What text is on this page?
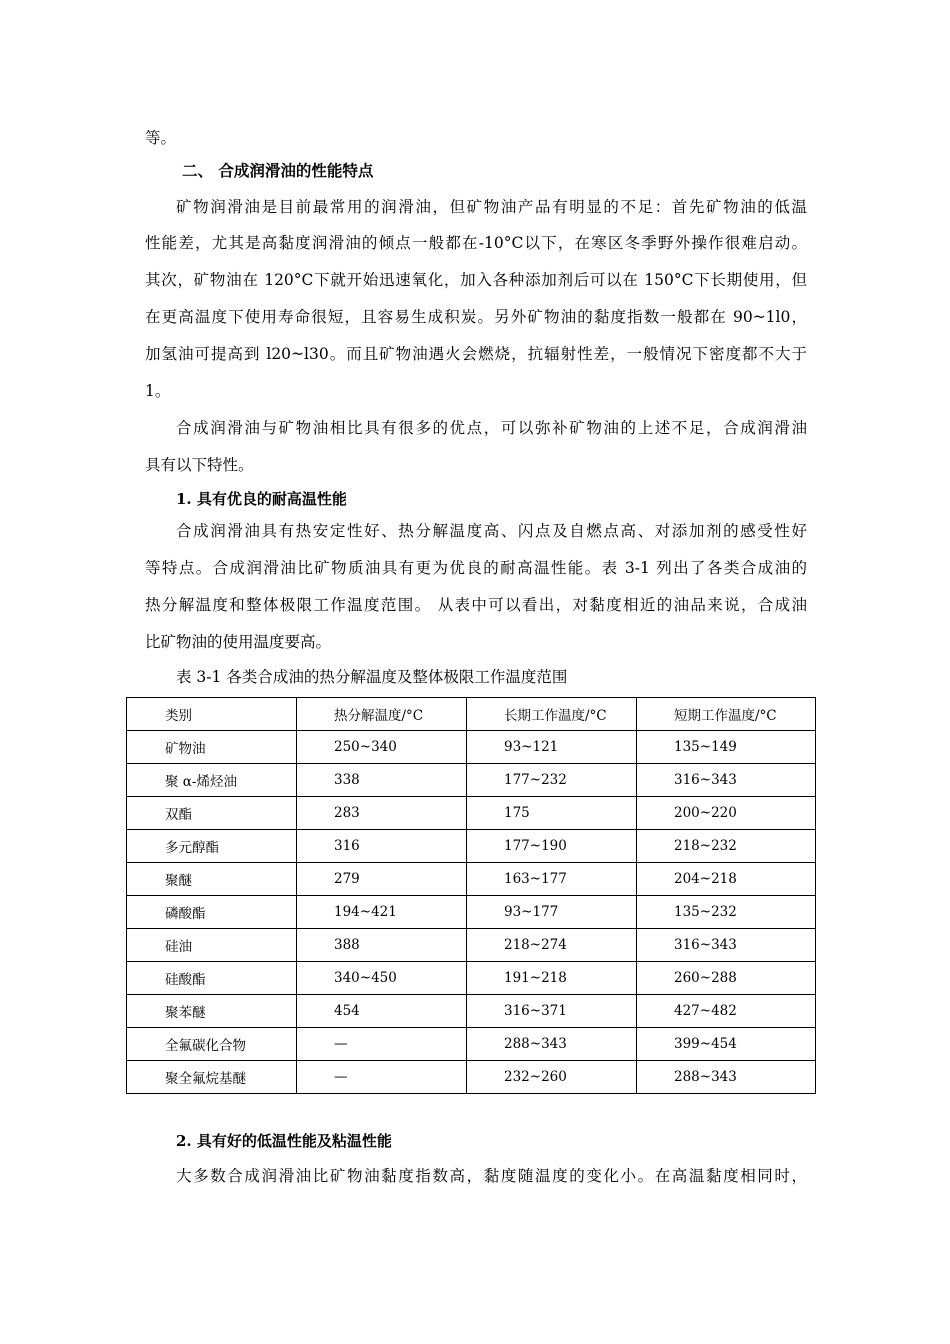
等。
二、 合成润滑油的性能特点
矿物润滑油是目前最常用的润滑油，但矿物油产品有明显的不足：首先矿物油的低温
性能差，尤其是高黏度润滑油的倾点一般都在-10°C以下，在寒区冬季野外操作很难启动。
其次，矿物油在 120°C下就开始迅速氧化，加入各种添加剂后可以在 150°C下长期使用，但
在更高温度下使用寿命很短，且容易生成积炭。另外矿物油的黏度指数一般都在 90~1l0，
加氢油可提高到 l20~l30。而且矿物油遇火会燃烧，抗辐射性差，一般情况下密度都不大于
1。
合成润滑油与矿物油相比具有很多的优点，可以弥补矿物油的上述不足，合成润滑油
具有以下特性。
1. 具有优良的耐高温性能
合成润滑油具有热安定性好、热分解温度高、闪点及自燃点高、对添加剂的感受性好
等特点。合成润滑油比矿物质油具有更为优良的耐高温性能。表 3-1 列出了各类合成油的
热分解温度和整体极限工作温度范围。 从表中可以看出，对黏度相近的油品来说，合成油
比矿物油的使用温度要高。
表 3-1 各类合成油的热分解温度及整体极限工作温度范围
类别	热分解温度/°C	长期工作温度/°C	短期工作温度/°C
矿物油	250~340	93~121	135~149
聚 α-烯烃油	338	177~232	316~343
双酯	283	175	200~220
多元醇酯	316	177~190	218~232
聚醚	279	163~177	204~218
磷酸酯	194~421	93~177	135~232
硅油	388	218~274	316~343
硅酸酯	340~450	191~218	260~288
聚苯醚	454	316~371	427~482
全氟碳化合物	—	288~343	399~454
聚全氟烷基醚	—	232~260	288~343
2. 具有好的低温性能及粘温性能
大多数合成润滑油比矿物油黏度指数高，黏度随温度的变化小。在高温黏度相同时，
